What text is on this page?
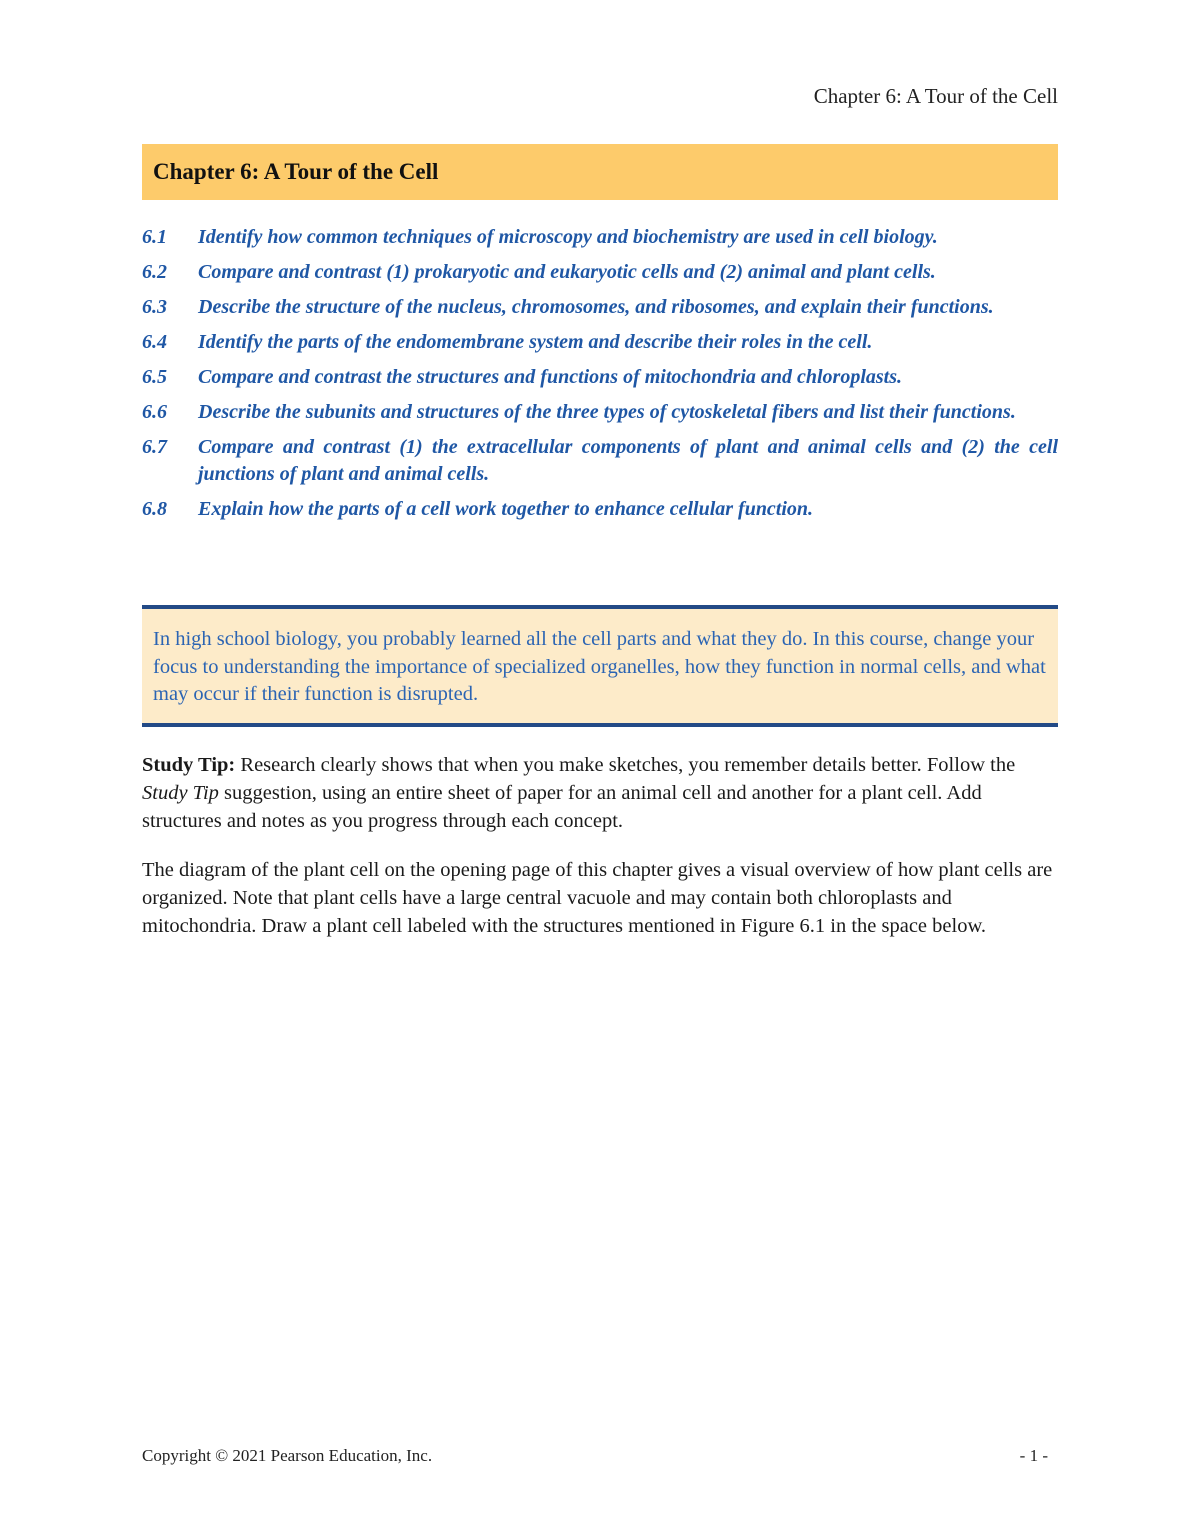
Chapter 6: A Tour of the Cell
Chapter 6: A Tour of the Cell
6.1	Identify how common techniques of microscopy and biochemistry are used in cell biology.
6.2	Compare and contrast (1) prokaryotic and eukaryotic cells and (2) animal and plant cells.
6.3	Describe the structure of the nucleus, chromosomes, and ribosomes, and explain their functions.
6.4	Identify the parts of the endomembrane system and describe their roles in the cell.
6.5	Compare and contrast the structures and functions of mitochondria and chloroplasts.
6.6	Describe the subunits and structures of the three types of cytoskeletal fibers and list their functions.
6.7	Compare and contrast (1) the extracellular components of plant and animal cells and (2) the cell junctions of plant and animal cells.
6.8	Explain how the parts of a cell work together to enhance cellular function.
In high school biology, you probably learned all the cell parts and what they do. In this course, change your focus to understanding the importance of specialized organelles, how they function in normal cells, and what may occur if their function is disrupted.

Study Tip: Research clearly shows that when you make sketches, you remember details better. Follow the Study Tip suggestion, using an entire sheet of paper for an animal cell and another for a plant cell. Add structures and notes as you progress through each concept.

The diagram of the plant cell on the opening page of this chapter gives a visual overview of how plant cells are organized. Note that plant cells have a large central vacuole and may contain both chloroplasts and mitochondria. Draw a plant cell labeled with the structures mentioned in Figure 6.1 in the space below.

Copyright © 2021 Pearson Education, Inc.	- 1 -
